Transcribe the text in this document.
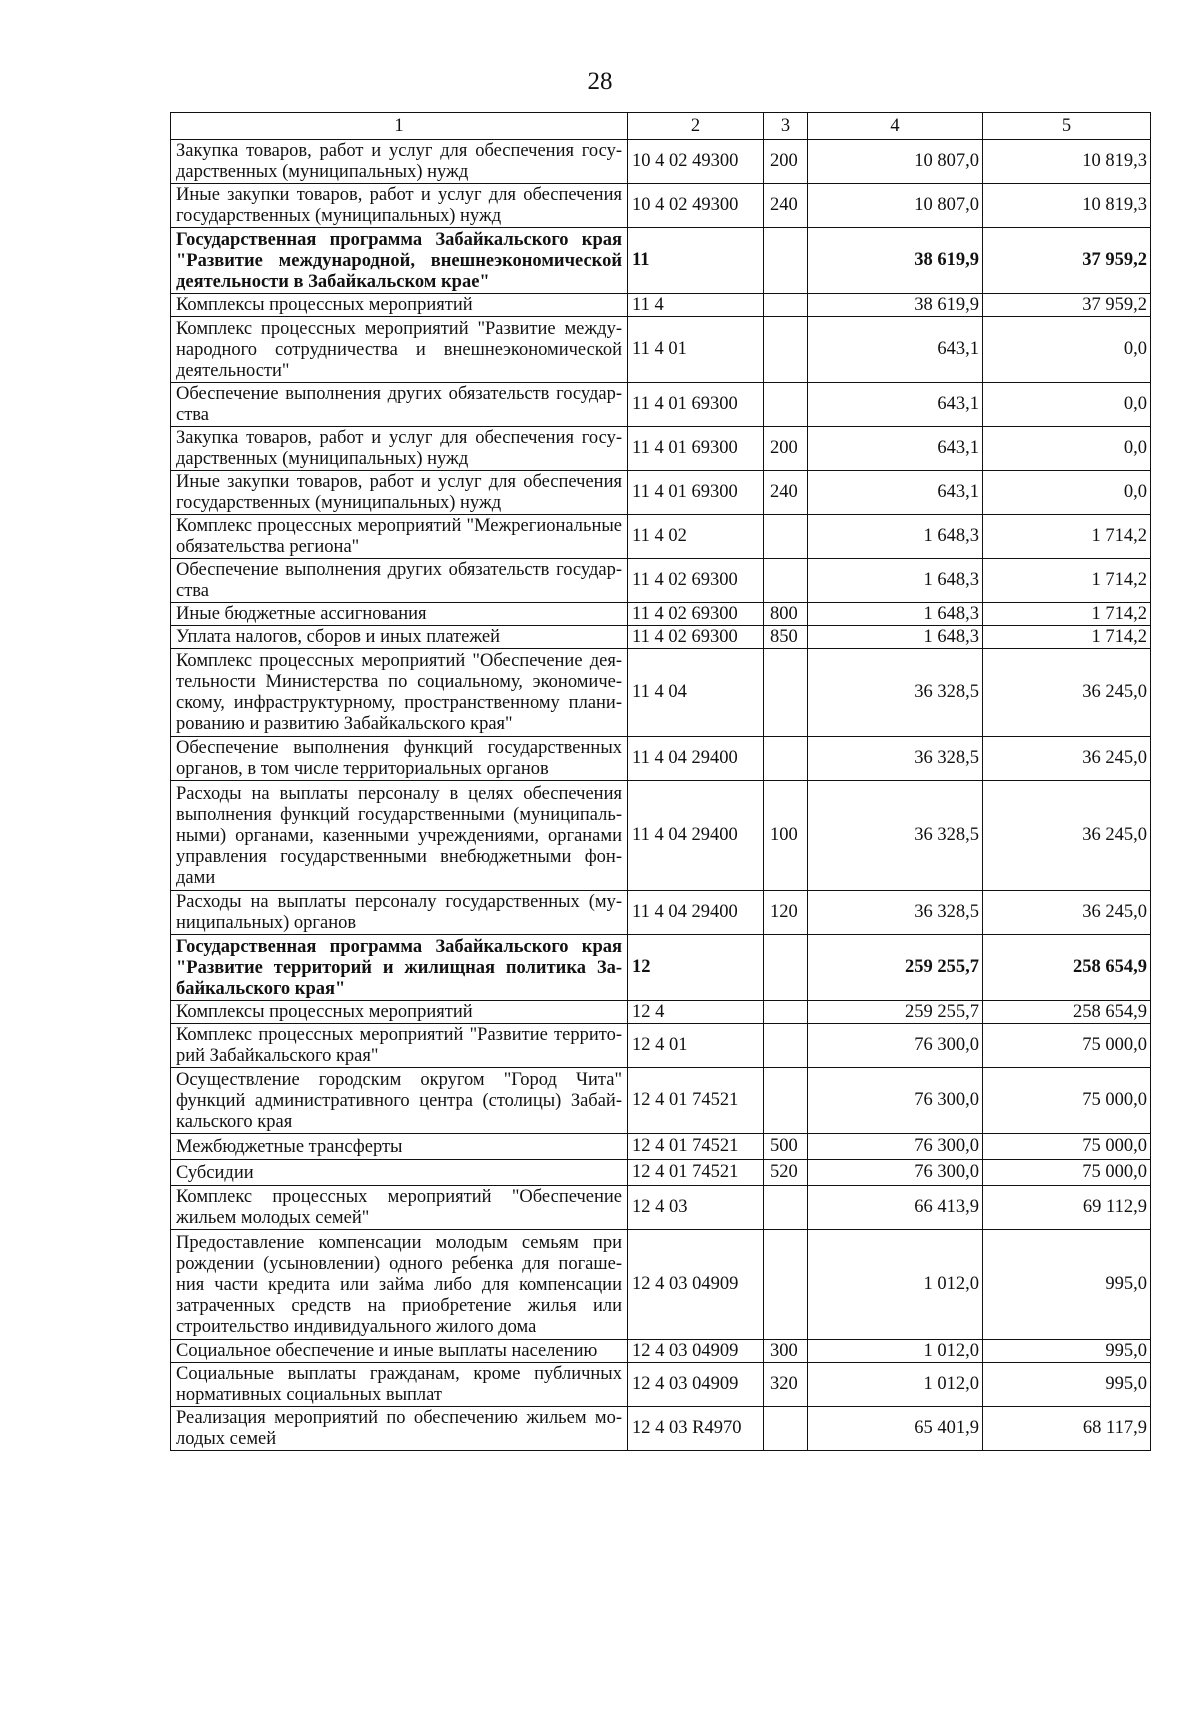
28
1	2	3	4	5
Закупка товаров, работ и услуг для обеспечения госу-дарственных (муниципальных) нужд	10 4 02 49300	200	10 807,0	10 819,3
Иные закупки товаров, работ и услуг для обеспечения государственных (муниципальных) нужд	10 4 02 49300	240	10 807,0	10 819,3
Государственная программа Забайкальского края "Развитие международной, внешнеэкономической деятельности в Забайкальском крае"	11		38 619,9	37 959,2
Комплексы процессных мероприятий	11 4		38 619,9	37 959,2
Комплекс процессных мероприятий "Развитие между-народного сотрудничества и внешнеэкономической деятельности"	11 4 01		643,1	0,0
Обеспечение выполнения других обязательств государ-ства	11 4 01 69300		643,1	0,0
Закупка товаров, работ и услуг для обеспечения госу-дарственных (муниципальных) нужд	11 4 01 69300	200	643,1	0,0
Иные закупки товаров, работ и услуг для обеспечения государственных (муниципальных) нужд	11 4 01 69300	240	643,1	0,0
Комплекс процессных мероприятий "Межрегиональные обязательства региона"	11 4 02		1 648,3	1 714,2
Обеспечение выполнения других обязательств государ-ства	11 4 02 69300		1 648,3	1 714,2
Иные бюджетные ассигнования	11 4 02 69300	800	1 648,3	1 714,2
Уплата налогов, сборов и иных платежей	11 4 02 69300	850	1 648,3	1 714,2
Комплекс процессных мероприятий "Обеспечение дея-тельности Министерства по социальному, экономиче-скому, инфраструктурному, пространственному плани-рованию и развитию Забайкальского края"	11 4 04		36 328,5	36 245,0
Обеспечение выполнения функций государственных органов, в том числе территориальных органов	11 4 04 29400		36 328,5	36 245,0
Расходы на выплаты персоналу в целях обеспечения выполнения функций государственными (муниципаль-ными) органами, казенными учреждениями, органами управления государственными внебюджетными фон-дами	11 4 04 29400	100	36 328,5	36 245,0
Расходы на выплаты персоналу государственных (му-ниципальных) органов	11 4 04 29400	120	36 328,5	36 245,0
Государственная программа Забайкальского края "Развитие территорий и жилищная политика За-байкальского края"	12		259 255,7	258 654,9
Комплексы процессных мероприятий	12 4		259 255,7	258 654,9
Комплекс процессных мероприятий "Развитие террито-рий Забайкальского края"	12 4 01		76 300,0	75 000,0
Осуществление городским округом "Город Чита" функций административного центра (столицы) Забай-кальского края	12 4 01 74521		76 300,0	75 000,0
Межбюджетные трансферты	12 4 01 74521	500	76 300,0	75 000,0
Субсидии	12 4 01 74521	520	76 300,0	75 000,0
Комплекс процессных мероприятий "Обеспечение жильем молодых семей"	12 4 03		66 413,9	69 112,9
Предоставление компенсации молодым семьям при рождении (усыновлении) одного ребенка для погаше-ния части кредита или займа либо для компенсации затраченных средств на приобретение жилья или строительство индивидуального жилого дома	12 4 03 04909		1 012,0	995,0
Социальное обеспечение и иные выплаты населению	12 4 03 04909	300	1 012,0	995,0
Социальные выплаты гражданам, кроме публичных нормативных социальных выплат	12 4 03 04909	320	1 012,0	995,0
Реализация мероприятий по обеспечению жильем мо-лодых семей	12 4 03 R4970		65 401,9	68 117,9
